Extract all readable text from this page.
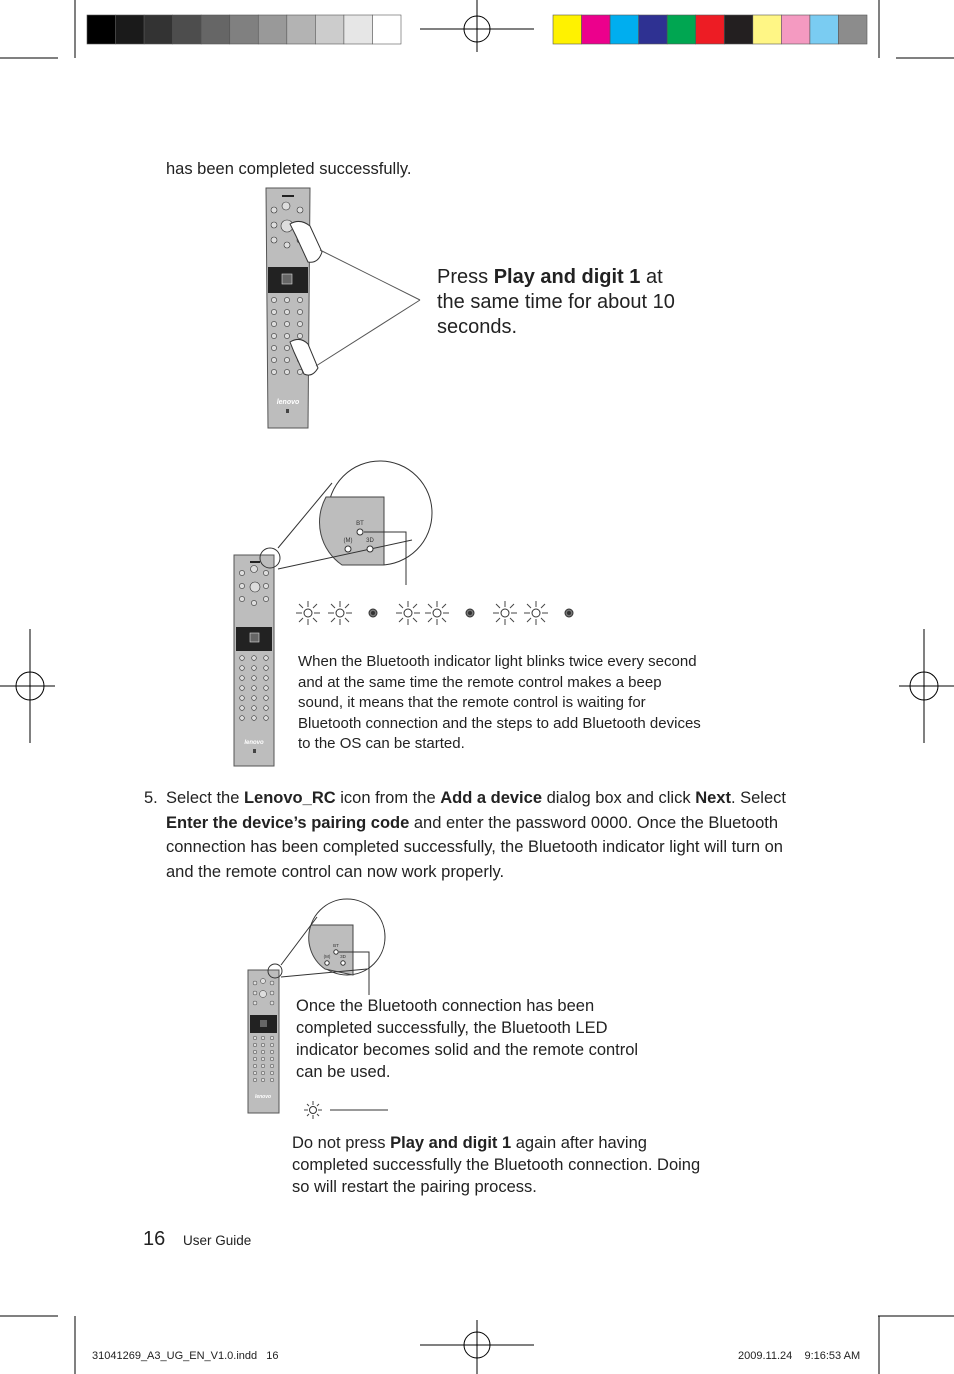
has been completed successfully.
lenovo
Press Play and digit 1 at the same time for about 10 seconds.
lenovo
BT
(M) 3D
When the Bluetooth indicator light blinks twice every second and at the same time the remote control makes a beep sound, it means that the remote control is waiting for Bluetooth connection and the steps to add Bluetooth devices to the OS can be started.
5. Select the Lenovo_RC icon from the Add a device dialog box and click Next. Select Enter the device’s pairing code and enter the password 0000. Once the Bluetooth connection has been completed successfully, the Bluetooth indicator light will turn on and the remote control can now work properly.
lenovo
BT
(M) 3D
Once the Bluetooth connection has been completed successfully, the Bluetooth LED indicator becomes solid and the remote control can be used.
Do not press Play and digit 1 again after having completed successfully the Bluetooth connection. Doing so will restart the pairing process.
16 User Guide
31041269_A3_UG_EN_V1.0.indd   16	2009.11.24    9:16:53 AM
